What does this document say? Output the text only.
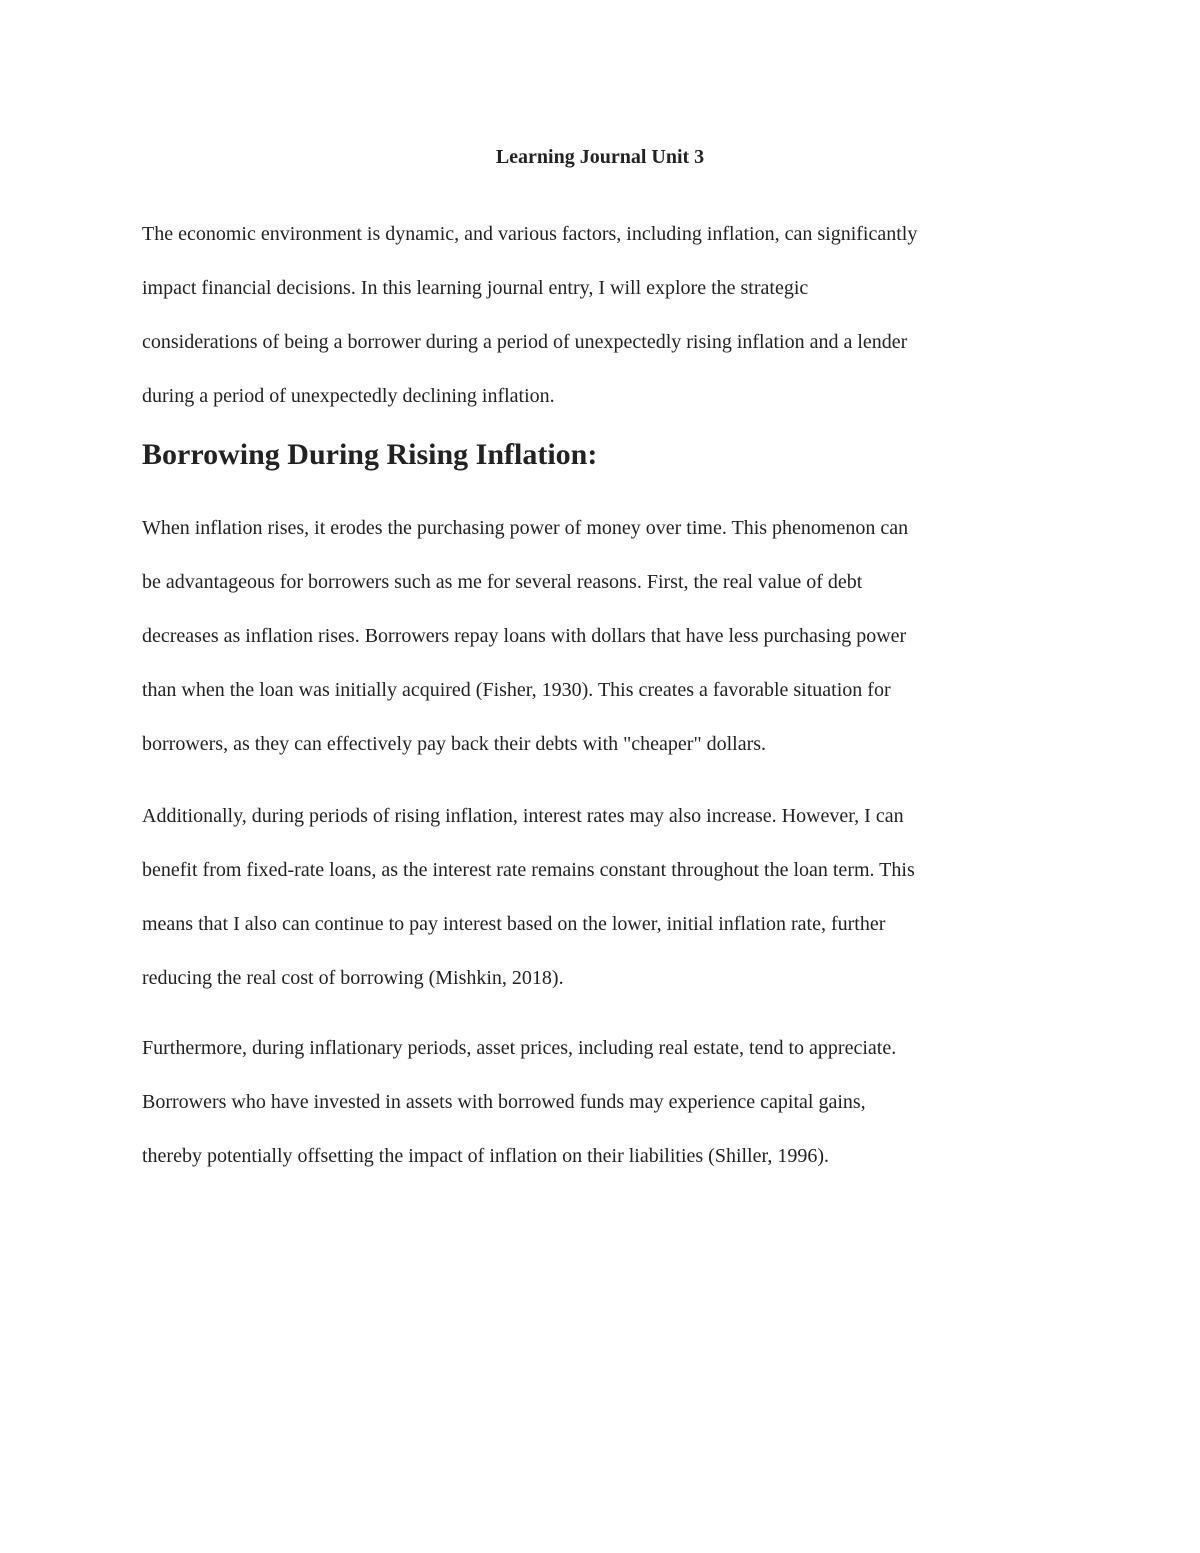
Learning Journal Unit 3

The economic environment is dynamic, and various factors, including inflation, can significantly
impact financial decisions. In this learning journal entry, I will explore the strategic
considerations of being a borrower during a period of unexpectedly rising inflation and a lender
during a period of unexpectedly declining inflation.

Borrowing During Rising Inflation:

When inflation rises, it erodes the purchasing power of money over time. This phenomenon can
be advantageous for borrowers such as me for several reasons. First, the real value of debt
decreases as inflation rises. Borrowers repay loans with dollars that have less purchasing power
than when the loan was initially acquired (Fisher, 1930). This creates a favorable situation for
borrowers, as they can effectively pay back their debts with "cheaper" dollars.

Additionally, during periods of rising inflation, interest rates may also increase. However, I can
benefit from fixed-rate loans, as the interest rate remains constant throughout the loan term. This
means that I also can continue to pay interest based on the lower, initial inflation rate, further
reducing the real cost of borrowing (Mishkin, 2018).

Furthermore, during inflationary periods, asset prices, including real estate, tend to appreciate.
Borrowers who have invested in assets with borrowed funds may experience capital gains,
thereby potentially offsetting the impact of inflation on their liabilities (Shiller, 1996).
